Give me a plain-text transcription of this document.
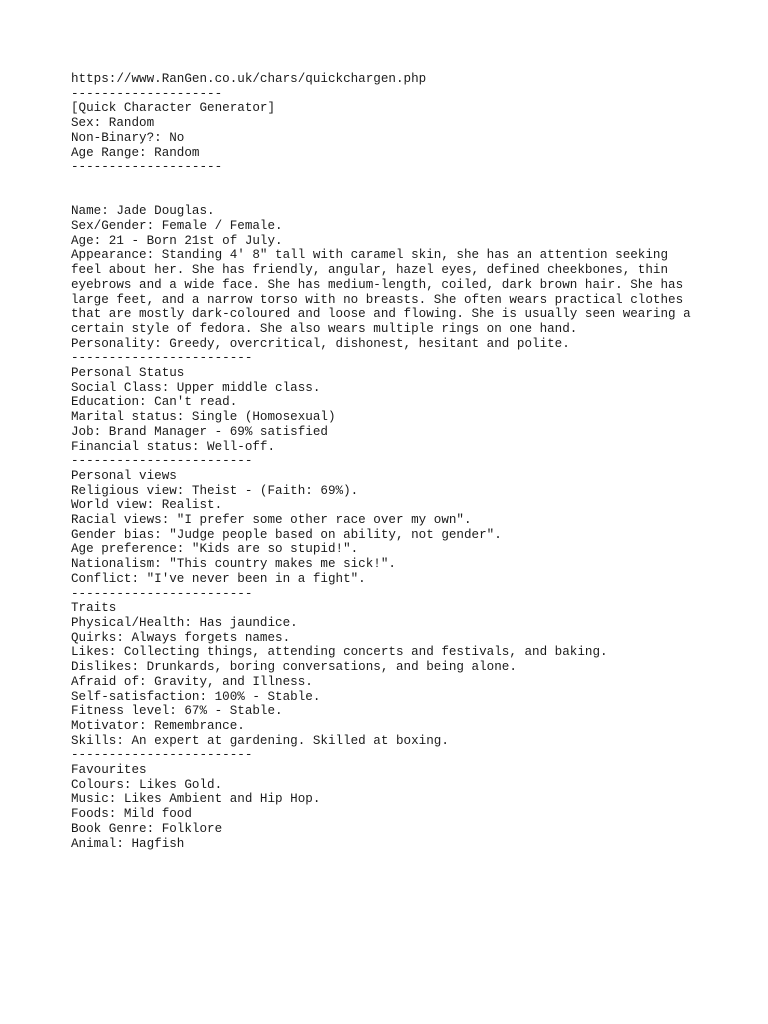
https://www.RanGen.co.uk/chars/quickchargen.php
--------------------
[Quick Character Generator]
Sex: Random
Non-Binary?: No
Age Range: Random
--------------------
Name: Jade Douglas.
Sex/Gender: Female / Female.
Age: 21 - Born 21st of July.
Appearance: Standing 4' 8" tall with caramel skin, she has an attention seeking
feel about her. She has friendly, angular, hazel eyes, defined cheekbones, thin
eyebrows and a wide face. She has medium-length, coiled, dark brown hair. She has
large feet, and a narrow torso with no breasts. She often wears practical clothes
that are mostly dark-coloured and loose and flowing. She is usually seen wearing a
certain style of fedora. She also wears multiple rings on one hand.
Personality: Greedy, overcritical, dishonest, hesitant and polite.
------------------------
Personal Status
Social Class: Upper middle class.
Education: Can't read.
Marital status: Single (Homosexual)
Job: Brand Manager - 69% satisfied
Financial status: Well-off.
------------------------
Personal views
Religious view: Theist - (Faith: 69%).
World view: Realist.
Racial views: "I prefer some other race over my own".
Gender bias: "Judge people based on ability, not gender".
Age preference: "Kids are so stupid!".
Nationalism: "This country makes me sick!".
Conflict: "I've never been in a fight".
------------------------
Traits
Physical/Health: Has jaundice.
Quirks: Always forgets names.
Likes: Collecting things, attending concerts and festivals, and baking.
Dislikes: Drunkards, boring conversations, and being alone.
Afraid of: Gravity, and Illness.
Self-satisfaction: 100% - Stable.
Fitness level: 67% - Stable.
Motivator: Remembrance.
Skills: An expert at gardening. Skilled at boxing.
------------------------
Favourites
Colours: Likes Gold.
Music: Likes Ambient and Hip Hop.
Foods: Mild food
Book Genre: Folklore
Animal: Hagfish
